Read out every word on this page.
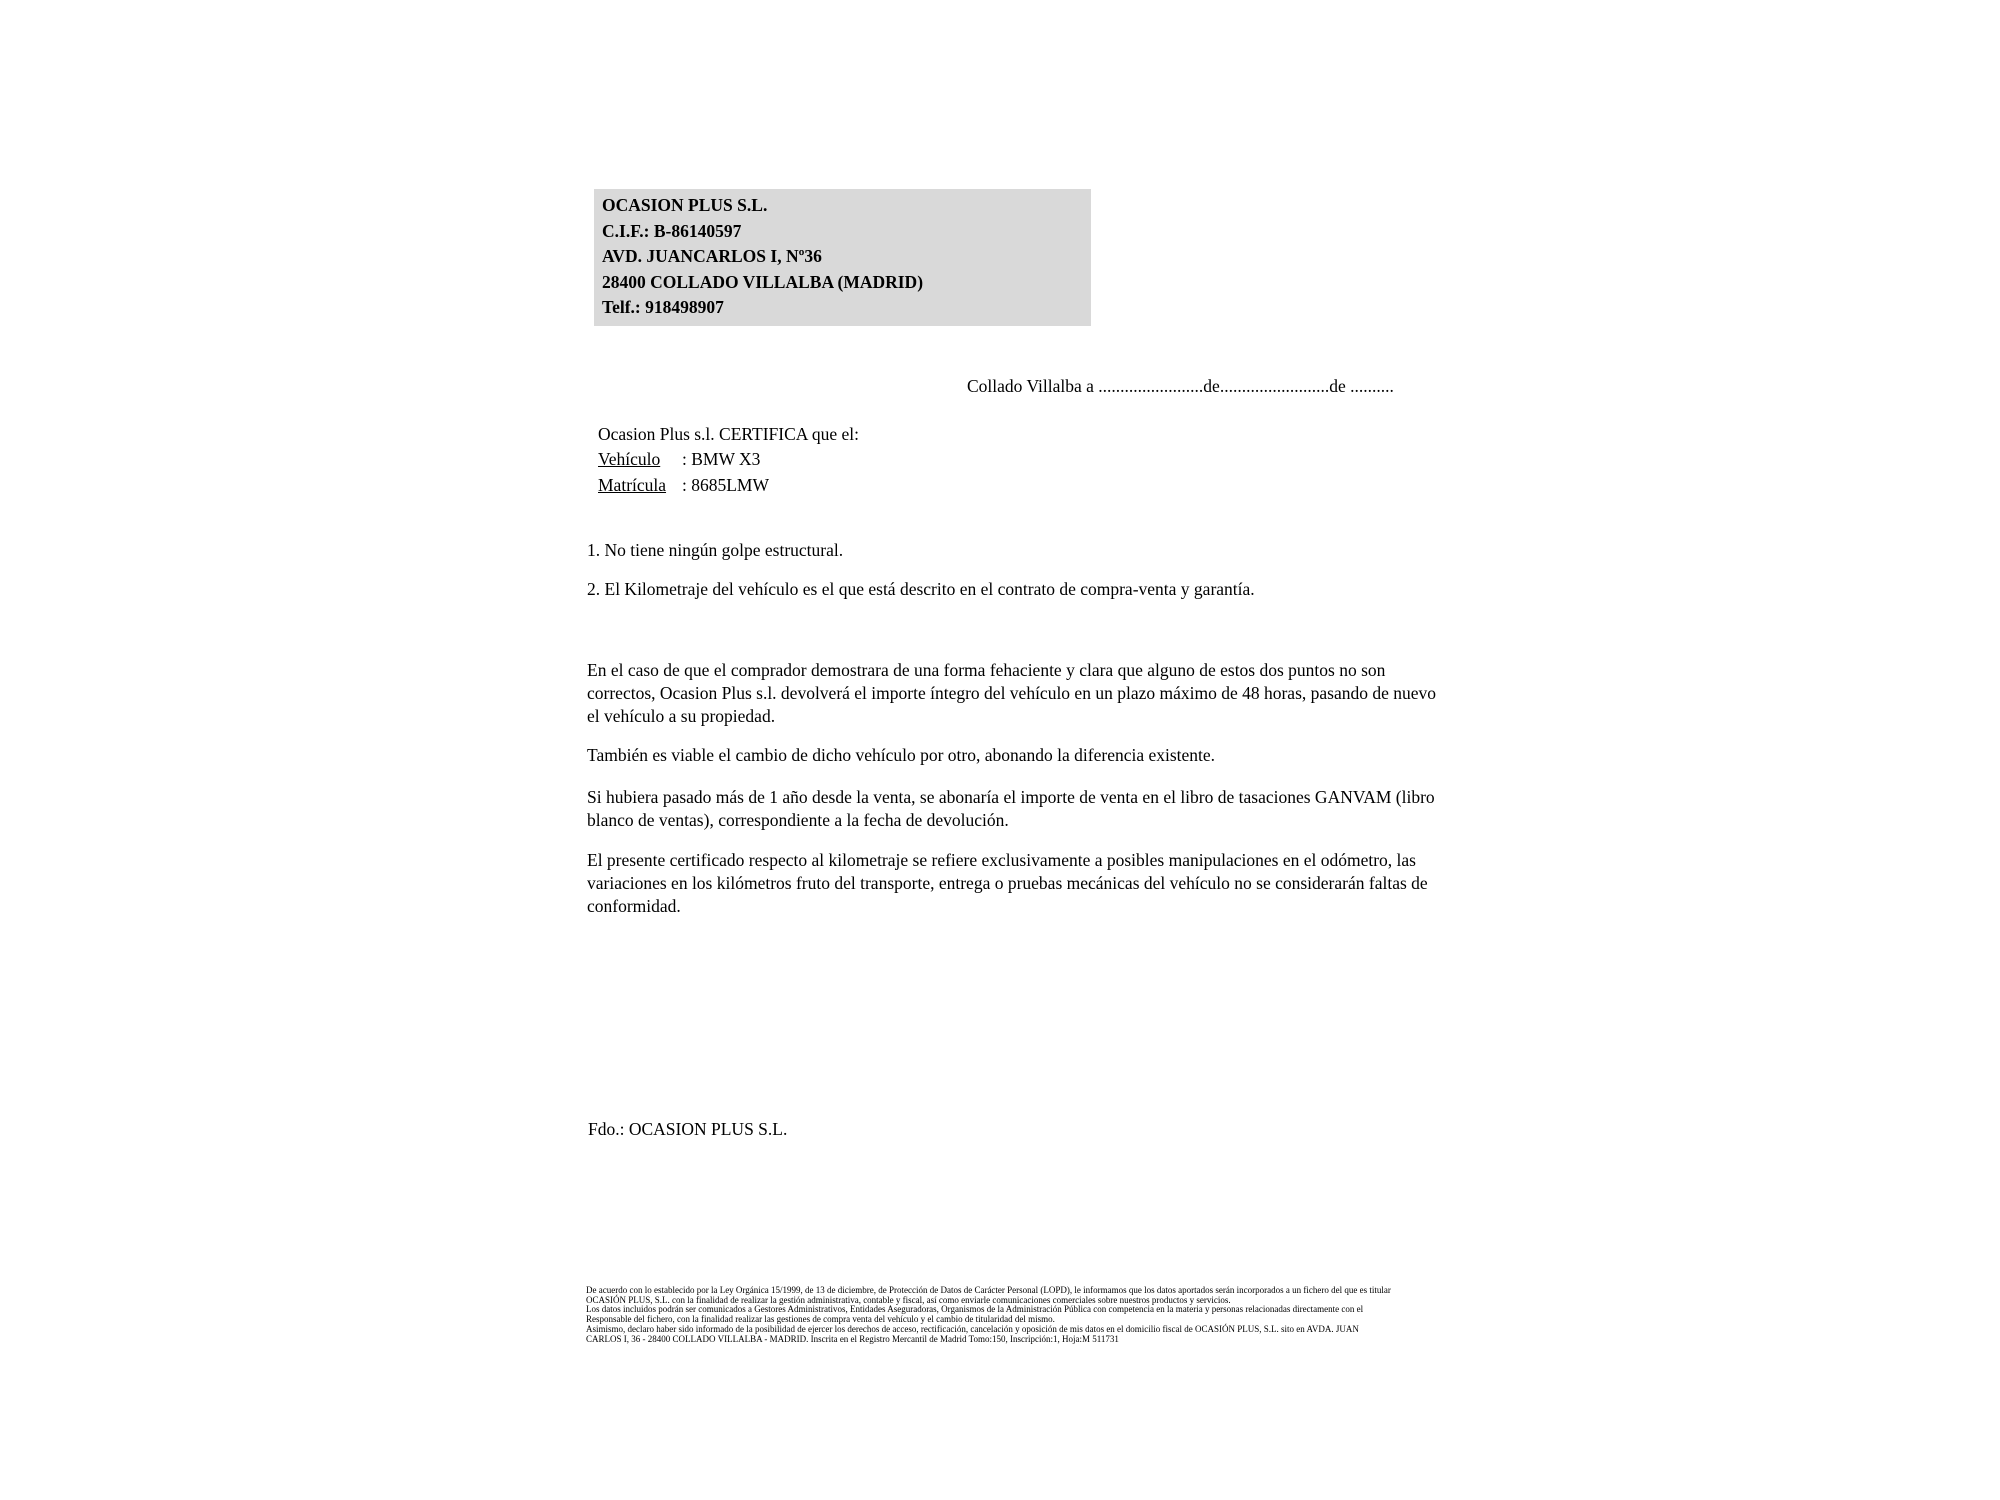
OCASION PLUS S.L.
C.I.F.: B-86140597
AVD. JUANCARLOS I, Nº36
28400 COLLADO VILLALBA (MADRID)
Telf.: 918498907
Collado Villalba a ........................de.........................de ..........
Ocasion Plus s.l. CERTIFICA que el:
Vehículo : BMW X3
Matrícula : 8685LMW
1. No tiene ningún golpe estructural.
2. El Kilometraje del vehículo es el que está descrito en el contrato de compra-venta y garantía.
En el caso de que el comprador demostrara de una forma fehaciente y clara que alguno de estos dos puntos no son correctos, Ocasion Plus s.l. devolverá el importe íntegro del vehículo en un plazo máximo de 48 horas, pasando de nuevo el vehículo a su propiedad.
También es viable el cambio de dicho vehículo por otro, abonando la diferencia existente.
Si hubiera pasado más de 1 año desde la venta, se abonaría el importe de venta en el libro de tasaciones GANVAM (libro blanco de ventas), correspondiente a la fecha de devolución.
El presente certificado respecto al kilometraje se refiere exclusivamente a posibles manipulaciones en el odómetro, las variaciones en los kilómetros fruto del transporte, entrega o pruebas mecánicas del vehículo no se considerarán faltas de conformidad.
Fdo.: OCASION PLUS S.L.
De acuerdo con lo establecido por la Ley Orgánica 15/1999, de 13 de diciembre, de Protección de Datos de Carácter Personal (LOPD), le informamos que los datos aportados serán incorporados a un fichero del que es titular
OCASIÓN PLUS, S.L. con la finalidad de realizar la gestión administrativa, contable y fiscal, así como enviarle comunicaciones comerciales sobre nuestros productos y servicios.
Los datos incluidos podrán ser comunicados a Gestores Administrativos, Entidades Aseguradoras, Organismos de la Administración Pública con competencia en la materia y personas relacionadas directamente con el
Responsable del fichero, con la finalidad realizar las gestiones de compra venta del vehículo y el cambio de titularidad del mismo.
Asimismo, declaro haber sido informado de la posibilidad de ejercer los derechos de acceso, rectificación, cancelación y oposición de mis datos en el domicilio fiscal de OCASIÓN PLUS, S.L. sito en AVDA. JUAN
CARLOS I, 36 - 28400 COLLADO VILLALBA - MADRID. Inscrita en el Registro Mercantil de Madrid Tomo:150, Inscripción:1, Hoja:M 511731
